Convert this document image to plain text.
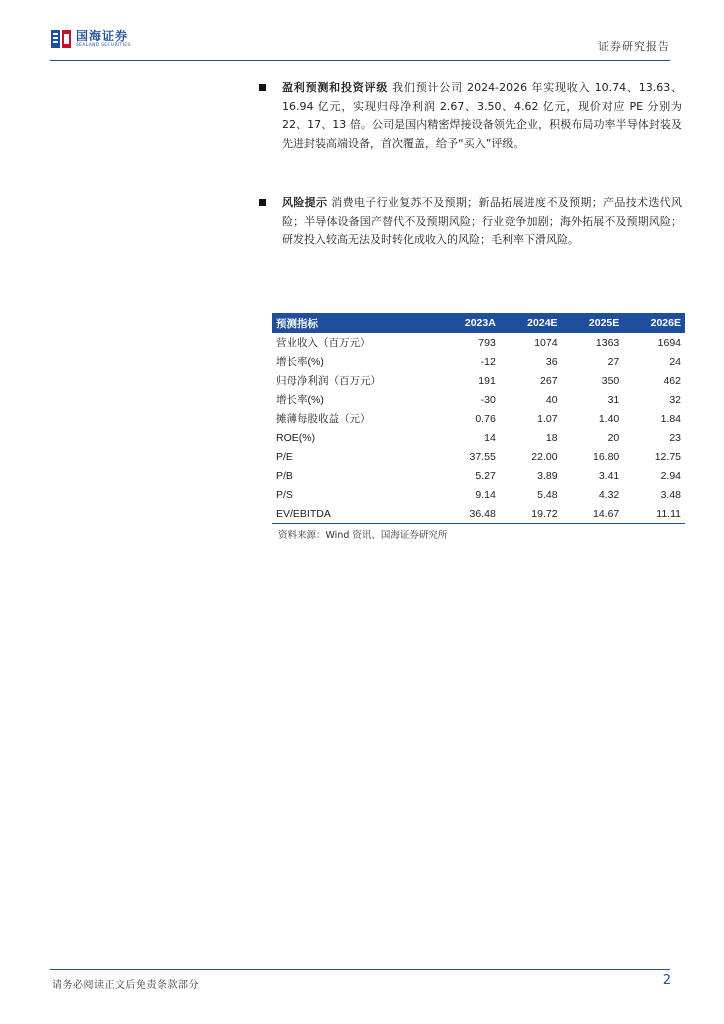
国海证券
SEALAND SECURITIES	证券研究报告
盈利预测和投资评级 我们预计公司 2024-2026 年实现收入 10.74、13.63、16.94 亿元，实现归母净利润 2.67、3.50、4.62 亿元，现价对应 PE 分别为 22、17、13 倍。公司是国内精密焊接设备领先企业，积极布局功率半导体封装及先进封装高端设备，首次覆盖，给予“买入”评级。
风险提示 消费电子行业复苏不及预期；新品拓展进度不及预期；产品技术迭代风险；半导体设备国产替代不及预期风险；行业竞争加剧；海外拓展不及预期风险；研发投入较高无法及时转化成收入的风险；毛利率下滑风险。
预测指标	2023A	2024E	2025E	2026E
营业收入（百万元）	793	1074	1363	1694
增长率(%)	-12	36	27	24
归母净利润（百万元）	191	267	350	462
增长率(%)	-30	40	31	32
摊薄每股收益（元）	0.76	1.07	1.40	1.84
ROE(%)	14	18	20	23
P/E	37.55	22.00	16.80	12.75
P/B	5.27	3.89	3.41	2.94
P/S	9.14	5.48	4.32	3.48
EV/EBITDA	36.48	19.72	14.67	11.11
资料来源：Wind 资讯、国海证券研究所
请务必阅读正文后免责条款部分	2
